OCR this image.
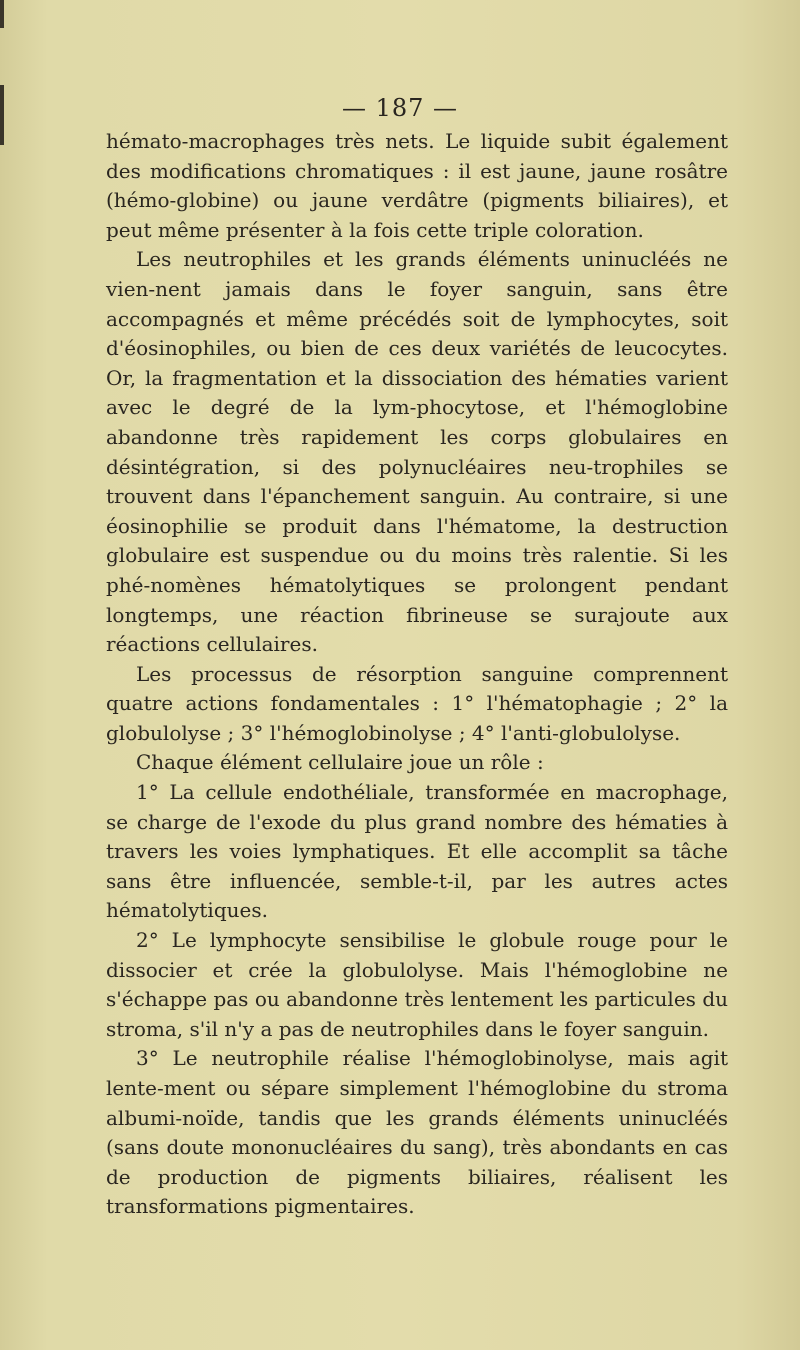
— 187 —

hémato-macrophages très nets. Le liquide subit également des modifications chromatiques : il est jaune, jaune rosâtre (hémo-globine) ou jaune verdâtre (pigments biliaires), et peut même présenter à la fois cette triple coloration.

Les neutrophiles et les grands éléments uninucléés ne vien-nent jamais dans le foyer sanguin, sans être accompagnés et même précédés soit de lymphocytes, soit d'éosinophiles, ou bien de ces deux variétés de leucocytes. Or, la fragmentation et la dissociation des hématies varient avec le degré de la lym-phocytose, et l'hémoglobine abandonne très rapidement les corps globulaires en désintégration, si des polynucléaires neu-trophiles se trouvent dans l'épanchement sanguin. Au contraire, si une éosinophilie se produit dans l'hématome, la destruction globulaire est suspendue ou du moins très ralentie. Si les phé-nomènes hématolytiques se prolongent pendant longtemps, une réaction fibrineuse se surajoute aux réactions cellulaires.

Les processus de résorption sanguine comprennent quatre actions fondamentales : 1° l'hématophagie ; 2° la globulolyse ; 3° l'hémoglobinolyse ; 4° l'anti-globulolyse.

Chaque élément cellulaire joue un rôle :

1° La cellule endothéliale, transformée en macrophage, se charge de l'exode du plus grand nombre des hématies à travers les voies lymphatiques. Et elle accomplit sa tâche sans être influencée, semble-t-il, par les autres actes hématolytiques.

2° Le lymphocyte sensibilise le globule rouge pour le dissocier et crée la globulolyse. Mais l'hémoglobine ne s'échappe pas ou abandonne très lentement les particules du stroma, s'il n'y a pas de neutrophiles dans le foyer sanguin.

3° Le neutrophile réalise l'hémoglobinolyse, mais agit lente-ment ou sépare simplement l'hémoglobine du stroma albumi-noïde, tandis que les grands éléments uninucléés (sans doute mononucléaires du sang), très abondants en cas de production de pigments biliaires, réalisent les transformations pigmentaires.
